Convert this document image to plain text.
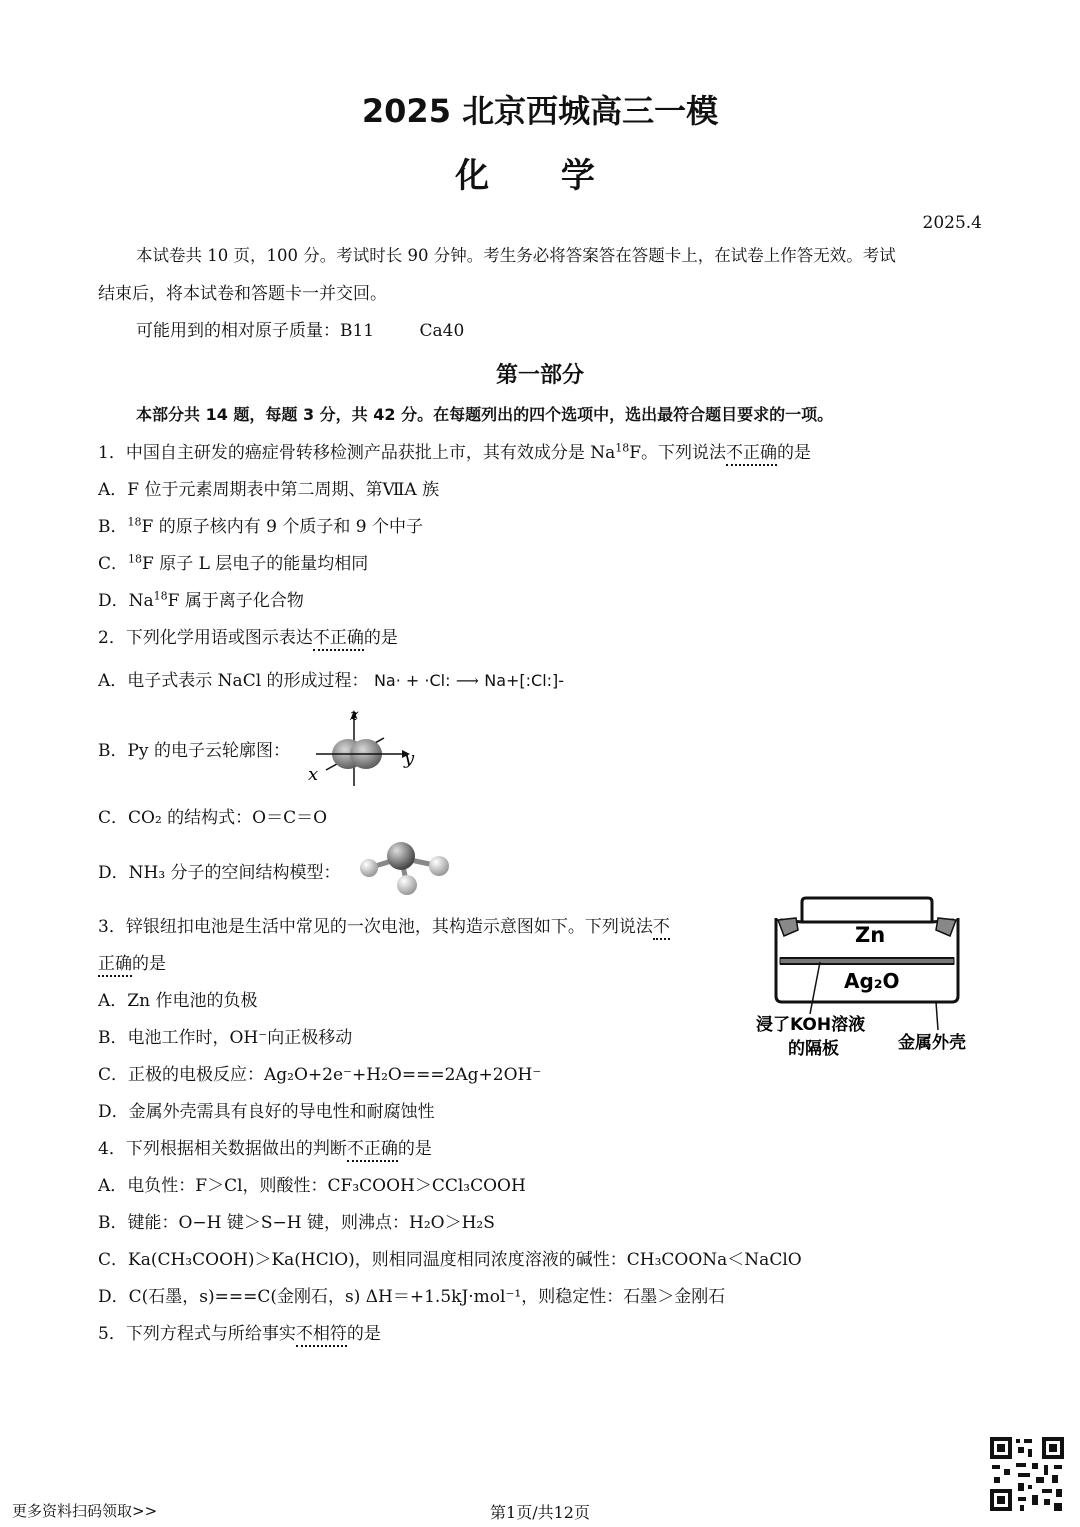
2025 北京西城高三一模
化 学
2025.4
本试卷共 10 页，100 分。考试时长 90 分钟。考生务必将答案答在答题卡上，在试卷上作答无效。考试
结束后，将本试卷和答题卡一并交回。
可能用到的相对原子质量：B11	Ca40
第一部分
本部分共 14 题，每题 3 分，共 42 分。在每题列出的四个选项中，选出最符合题目要求的一项。
1．中国自主研发的癌症骨转移检测产品获批上市，其有效成分是 Na$^{18}$F。下列说法不正确的是
A．F 位于元素周期表中第二周期、第ⅦA 族
B．$^{18}$F 的原子核内有 9 个质子和 9 个中子
C．$^{18}$F 原子 L 层电子的能量均相同
D．Na$^{18}$F 属于离子化合物
2．下列化学用语或图示表达不正确的是
A．电子式表示 NaCl 的形成过程： Na· + ·Cl: ⟶ Na+[:Cl:]-
B．Py 的电子云轮廓图：
z
y
x
C．CO₂ 的结构式：O＝C＝O
D．NH₃ 分子的空间结构模型：
3．锌银纽扣电池是生活中常见的一次电池，其构造示意图如下。下列说法不
正确的是
A．Zn 作电池的负极
B．电池工作时，OH⁻向正极移动
C．正极的电极反应：Ag₂O+2e⁻+H₂O===2Ag+2OH⁻
D．金属外壳需具有良好的导电性和耐腐蚀性
Zn
Ag₂O
浸了KOH溶液
的隔板	金属外壳
4．下列根据相关数据做出的判断不正确的是
A．电负性：F＞Cl，则酸性：CF₃COOH＞CCl₃COOH
B．键能：O−H 键＞S−H 键，则沸点：H₂O＞H₂S
C．Ka(CH₃COOH)＞Ka(HClO)，则相同温度相同浓度溶液的碱性：CH₃COONa＜NaClO
D．C(石墨，s)===C(金刚石，s) ΔH＝+1.5kJ·mol⁻¹，则稳定性：石墨＞金刚石
5．下列方程式与所给事实不相符的是
更多资料扫码领取>>	第1页/共12页
